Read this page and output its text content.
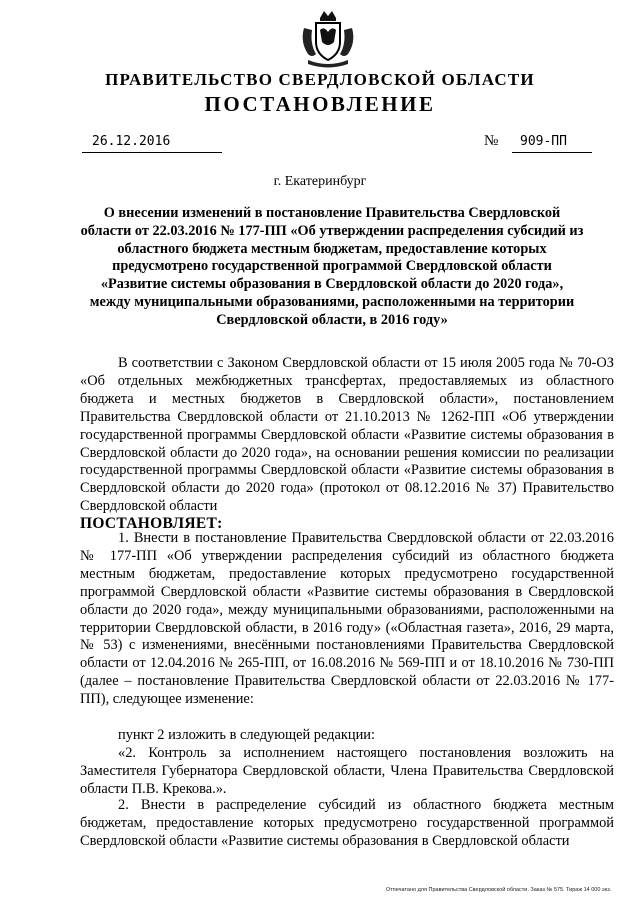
ПРАВИТЕЛЬСТВО СВЕРДЛОВСКОЙ ОБЛАСТИ
ПОСТАНОВЛЕНИЕ
26.12.2016	№ 909-ПП
г. Екатеринбург
О внесении изменений в постановление Правительства Свердловской области от 22.03.2016 № 177-ПП «Об утверждении распределения субсидий из областного бюджета местным бюджетам, предоставление которых предусмотрено государственной программой Свердловской области «Развитие системы образования в Свердловской области до 2020 года», между муниципальными образованиями, расположенными на территории Свердловской области, в 2016 году»

В соответствии с Законом Свердловской области от 15 июля 2005 года № 70-ОЗ «Об отдельных межбюджетных трансфертах, предоставляемых из областного бюджета и местных бюджетов в Свердловской области», постановлением Правительства Свердловской области от 21.10.2013 № 1262-ПП «Об утверждении государственной программы Свердловской области «Развитие системы образования в Свердловской области до 2020 года», на основании решения комиссии по реализации государственной программы Свердловской области «Развитие системы образования в Свердловской области до 2020 года» (протокол от 08.12.2016 № 37) Правительство Свердловской области

ПОСТАНОВЛЯЕТ:

1. Внести в постановление Правительства Свердловской области от 22.03.2016 № 177-ПП «Об утверждении распределения субсидий из областного бюджета местным бюджетам, предоставление которых предусмотрено государственной программой Свердловской области «Развитие системы образования в Свердловской области до 2020 года», между муниципальными образованиями, расположенными на территории Свердловской области, в 2016 году» («Областная газета», 2016, 29 марта, № 53) с изменениями, внесёнными постановлениями Правительства Свердловской области от 12.04.2016 № 265-ПП, от 16.08.2016 № 569-ПП и от 18.10.2016 № 730-ПП (далее – постановление Правительства Свердловской области от 22.03.2016 № 177-ПП), следующее изменение:

пункт 2 изложить в следующей редакции:

«2. Контроль за исполнением настоящего постановления возложить на Заместителя Губернатора Свердловской области, Члена Правительства Свердловской области П.В. Крекова.».

2. Внести в распределение субсидий из областного бюджета местным бюджетам, предоставление которых предусмотрено государственной программой Свердловской области «Развитие системы образования в Свердловской области

Отпечатано для Правительства Свердловской области. Заказ № 575. Тираж 14 000 экз.
